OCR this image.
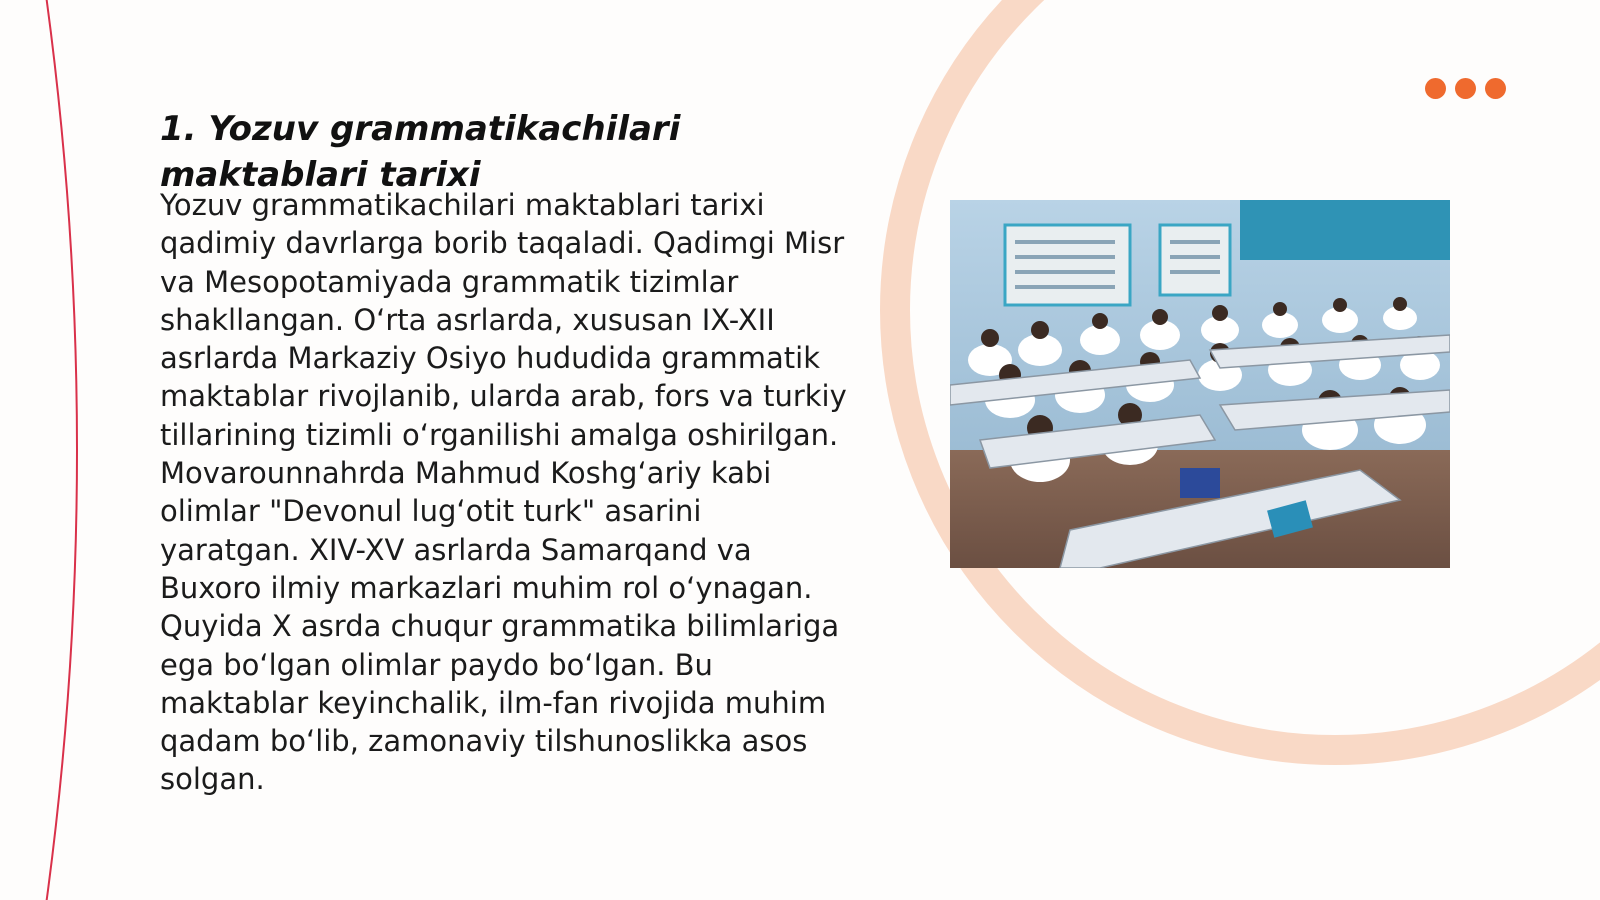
1. Yozuv grammatikachilari maktablari tarixi

Yozuv grammatikachilari maktablari tarixi qadimiy davrlarga borib taqaladi. Qadimgi Misr va Mesopotamiyada grammatik tizimlar shakllangan. O‘rta asrlarda, xususan IX-XII asrlarda Markaziy Osiyo hududida grammatik maktablar rivojlanib, ularda arab, fors va turkiy tillarining tizimli o‘rganilishi amalga oshirilgan. Movarounnahrda Mahmud Koshg‘ariy kabi olimlar "Devonul lug‘otit turk" asarini yaratgan. XIV-XV asrlarda Samarqand va Buxoro ilmiy markazlari muhim rol o‘ynagan. Quyida X asrda chuqur grammatika bilimlariga ega bo‘lgan olimlar paydo bo‘lgan. Bu maktablar keyinchalik, ilm-fan rivojida muhim qadam bo‘lib, zamonaviy tilshunoslikka asos solgan.
